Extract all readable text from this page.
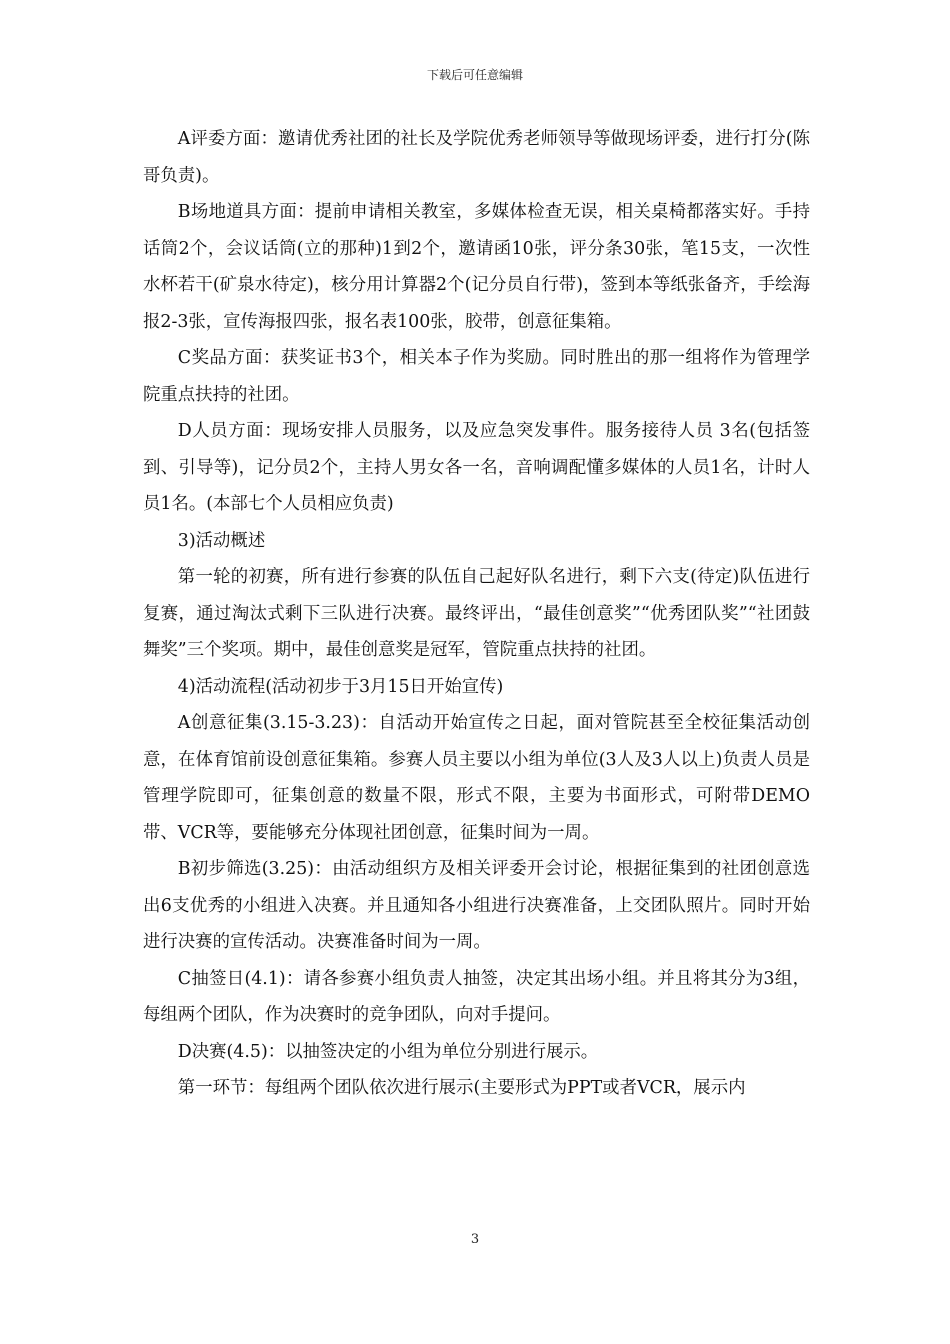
下载后可任意编辑

A评委方面：邀请优秀社团的社长及学院优秀老师领导等做现场评委，进行打分(陈哥负责)。

B场地道具方面：提前申请相关教室，多媒体检查无误，相关桌椅都落实好。手持话筒2个，会议话筒(立的那种)1到2个，邀请函10张，评分条30张，笔15支，一次性水杯若干(矿泉水待定)，核分用计算器2个(记分员自行带)，签到本等纸张备齐，手绘海报2-3张，宣传海报四张，报名表100张，胶带，创意征集箱。

C奖品方面：获奖证书3个，相关本子作为奖励。同时胜出的那一组将作为管理学院重点扶持的社团。

D人员方面：现场安排人员服务，以及应急突发事件。服务接待人员 3名(包括签到、引导等)，记分员2个，主持人男女各一名，音响调配懂多媒体的人员1名，计时人员1名。(本部七个人员相应负责)

3)活动概述

第一轮的初赛，所有进行参赛的队伍自己起好队名进行，剩下六支(待定)队伍进行复赛，通过淘汰式剩下三队进行决赛。最终评出，“最佳创意奖”“优秀团队奖”“社团鼓舞奖”三个奖项。期中，最佳创意奖是冠军，管院重点扶持的社团。

4)活动流程(活动初步于3月15日开始宣传)

A创意征集(3.15-3.23)：自活动开始宣传之日起，面对管院甚至全校征集活动创意，在体育馆前设创意征集箱。参赛人员主要以小组为单位(3人及3人以上)负责人员是管理学院即可，征集创意的数量不限，形式不限，主要为书面形式，可附带DEMO带、VCR等，要能够充分体现社团创意，征集时间为一周。

B初步筛选(3.25)：由活动组织方及相关评委开会讨论，根据征集到的社团创意选出6支优秀的小组进入决赛。并且通知各小组进行决赛准备，上交团队照片。同时开始进行决赛的宣传活动。决赛准备时间为一周。

C抽签日(4.1)：请各参赛小组负责人抽签，决定其出场小组。并且将其分为3组，每组两个团队，作为决赛时的竞争团队，向对手提问。

D决赛(4.5)：以抽签决定的小组为单位分别进行展示。

第一环节：每组两个团队依次进行展示(主要形式为PPT或者VCR，展示内

3
